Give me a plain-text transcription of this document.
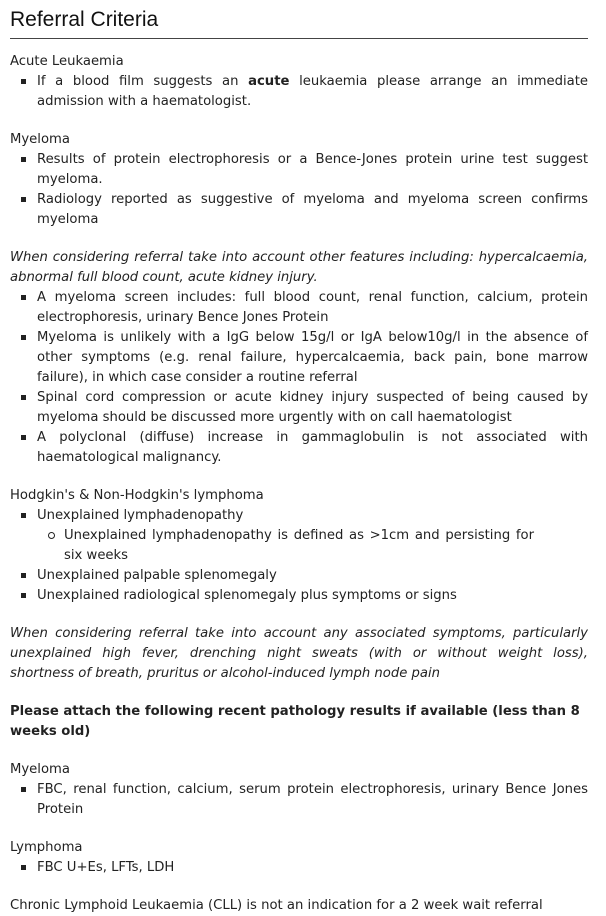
Referral Criteria
Acute Leukaemia
If a blood film suggests an acute leukaemia please arrange an immediate admission with a haematologist.
Myeloma
Results of protein electrophoresis or a Bence-Jones protein urine test suggest myeloma.
Radiology reported as suggestive of myeloma and myeloma screen confirms myeloma

When considering referral take into account other features including: hypercalcaemia, abnormal full blood count, acute kidney injury.

A myeloma screen includes: full blood count, renal function, calcium, protein electrophoresis, urinary Bence Jones Protein
Myeloma is unlikely with a IgG below 15g/l or IgA below10g/l in the absence of other symptoms (e.g. renal failure, hypercalcaemia, back pain, bone marrow failure), in which case consider a routine referral
Spinal cord compression or acute kidney injury suspected of being caused by myeloma should be discussed more urgently with on call haematologist
A polyclonal (diffuse) increase in gammaglobulin is not associated with haematological malignancy.
Hodgkin's & Non-Hodgkin's lymphoma
Unexplained lymphadenopathy
Unexplained lymphadenopathy is defined as >1cm and persisting for six weeks
Unexplained palpable splenomegaly
Unexplained radiological splenomegaly plus symptoms or signs

When considering referral take into account any associated symptoms, particularly unexplained high fever, drenching night sweats (with or without weight loss), shortness of breath, pruritus or alcohol-induced lymph node pain

Please attach the following recent pathology results if available (less than 8 weeks old)

Myeloma
FBC, renal function, calcium, serum protein electrophoresis, urinary Bence Jones Protein
Lymphoma
FBC U+Es, LFTs, LDH

Chronic Lymphoid Leukaemia (CLL) is not an indication for a 2 week wait referral
